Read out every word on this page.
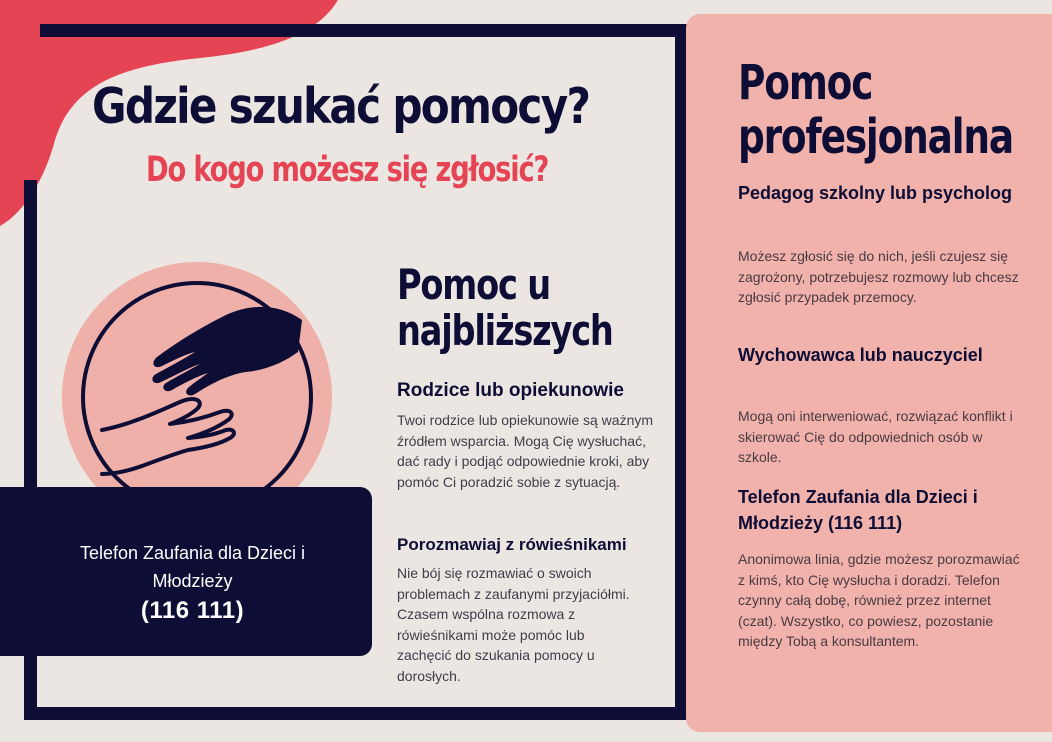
Gdzie szukać pomocy?
Do kogo możesz się zgłosić?
Telefon Zaufania dla Dzieci i Młodzieży
(116 111)
Pomoc u
najbliższych
Rodzice lub opiekunowie

Twoi rodzice lub opiekunowie są ważnym źródłem wsparcia. Mogą Cię wysłuchać, dać rady i podjąć odpowiednie kroki, aby pomóc Ci poradzić sobie z sytuacją.

Porozmawiaj z rówieśnikami

Nie bój się rozmawiać o swoich problemach z zaufanymi przyjaciółmi. Czasem wspólna rozmowa z rówieśnikami może pomóc lub zachęcić do szukania pomocy u dorosłych.

Pomoc
profesjonalna
Pedagog szkolny lub psycholog

Możesz zgłosić się do nich, jeśli czujesz się zagrożony, potrzebujesz rozmowy lub chcesz zgłosić przypadek przemocy.

Wychowawca lub nauczyciel

Mogą oni interweniować, rozwiązać konflikt i skierować Cię do odpowiednich osób w szkole.

Telefon Zaufania dla Dzieci i Młodzieży (116 111)

Anonimowa linia, gdzie możesz porozmawiać z kimś, kto Cię wysłucha i doradzi. Telefon czynny całą dobę, również przez internet (czat). Wszystko, co powiesz, pozostanie między Tobą a konsultantem.
